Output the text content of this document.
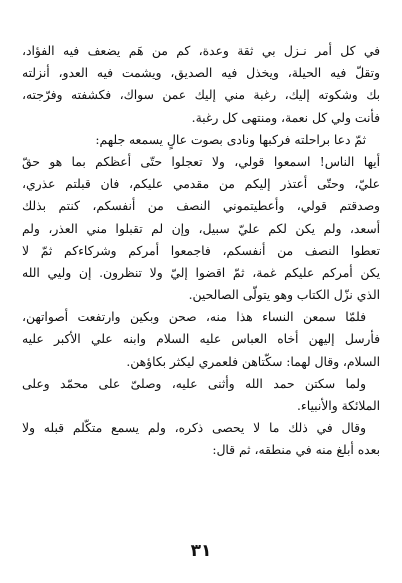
في كل أمر نـزل بي ثقة وعدة، كم من هَم يضعف فيه الفؤاد،
وتقلّ فيه الحيلة، ويخذل فيه الصديق، ويشمت فيه العدو، أنزلته
بك وشكوته إليك، رغبة مني إليك عمن سواك، فكشفته وفرّجته،
فأنت ولي كل نعمة، ومنتهى كل رغبة.
ثمّ دعا براحلته فركبها ونادى بصوت عالٍ يسمعه جلهم:
أيها الناس! اسمعوا قولي، ولا تعجلوا حتّى أعظكم بما هو حقّ
عليّ، وحتّى أعتذر إليكم من مقدمي عليكم، فان قبلتم عذري،
وصدقتم قولي، وأعطيتموني النصف من أنفسكم، كنتم بذلك
أسعد، ولم يكن لكم عليّ سبيل، وإن لم تقبلوا مني العذر، ولم
تعطوا النصف من أنفسكم، فاجمعوا أمركم وشركاءكم ثمّ لا
يكن أمركم عليكم غمة، ثمّ اقضوا إليّ ولا تنظرون. إن وليي الله
الذي نزّل الكتاب وهو يتولّى الصالحين.
فلمّا سمعن النساء هذا منه، صحن وبكين وارتفعت أصواتهن،
فأرسل إليهن أخاه العباس عليه السلام وابنه علي الأكبر عليه
السلام، وقال لهما: سكّتاهن فلعمري ليكثر بكاؤهن.
ولما سكتن حمد الله وأثنى عليه، وصلىّ على محمّد وعلى
الملائكة والأنبياء.
وقال في ذلك ما لا يحصى ذكره، ولم يسمع متكّلم قبله ولا
بعده أبلغ منه في منطقه، ثم قال:
٣١
